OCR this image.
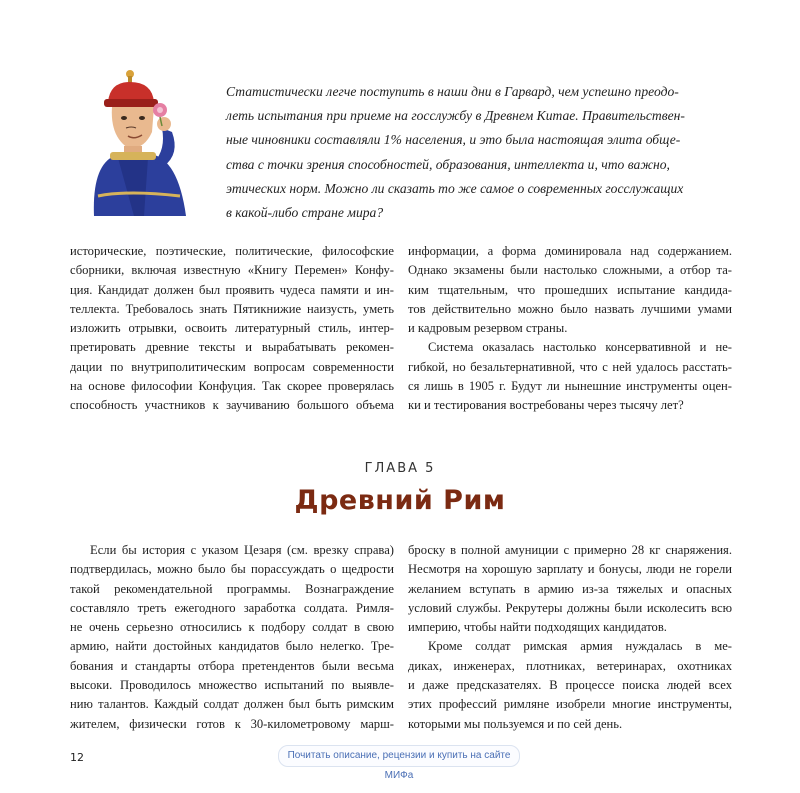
Статистически легче поступить в наши дни в Гарвард, чем успешно преодо-
леть испытания при приеме на госслужбу в Древнем Китае. Правительствен-
ные чиновники составляли 1% населения, и это была настоящая элита обще-
ства с точки зрения способностей, образования, интеллекта и, что важно,
этических норм. Можно ли сказать то же самое о современных госслужащих
в какой-либо стране мира?
исторические, поэтические, политические, философские
сборники, включая известную «Книгу Перемен» Конфу-
ция. Кандидат должен был проявить чудеса памяти и ин-
теллекта. Требовалось знать Пятикнижие наизусть, уметь
изложить отрывки, освоить литературный стиль, интер-
претировать древние тексты и вырабатывать рекомен-
дации по внутриполитическим вопросам современности
на основе философии Конфуция. Так скорее проверялась
способность участников к заучиванию большого объема
информации, а форма доминировала над содержанием.
Однако экзамены были настолько сложными, а отбор та-
ким тщательным, что прошедших испытание кандида-
тов действительно можно было назвать лучшими умами
и кадровым резервом страны.
Система оказалась настолько консервативной и не-
гибкой, но безальтернативной, что с ней удалось расстать-
ся лишь в 1905 г. Будут ли нынешние инструменты оцен-
ки и тестирования востребованы через тысячу лет?
ГЛАВА 5
Древний Рим
Если бы история с указом Цезаря (см. врезку справа)
подтвердилась, можно было бы порассуждать о щедрости
такой рекомендательной программы. Вознаграждение
составляло треть ежегодного заработка солдата. Римля-
не очень серьезно относились к подбору солдат в свою
армию, найти достойных кандидатов было нелегко. Тре-
бования и стандарты отбора претендентов были весьма
высоки. Проводилось множество испытаний по выявле-
нию талантов. Каждый солдат должен был быть римским
жителем, физически готов к 30-километровому марш-
броску в полной амуниции с примерно 28 кг снаряжения.
Несмотря на хорошую зарплату и бонусы, люди не горели
желанием вступать в армию из-за тяжелых и опасных
условий службы. Рекрутеры должны были исколесить всю
империю, чтобы найти подходящих кандидатов.
Кроме солдат римская армия нуждалась в ме-
диках, инженерах, плотниках, ветеринарах, охотниках
и даже предсказателях. В процессе поиска людей всех
этих профессий римляне изобрели многие инструменты,
которыми мы пользуемся и по сей день.
12	Почитать описание, рецензии и купить на сайте МИФа
